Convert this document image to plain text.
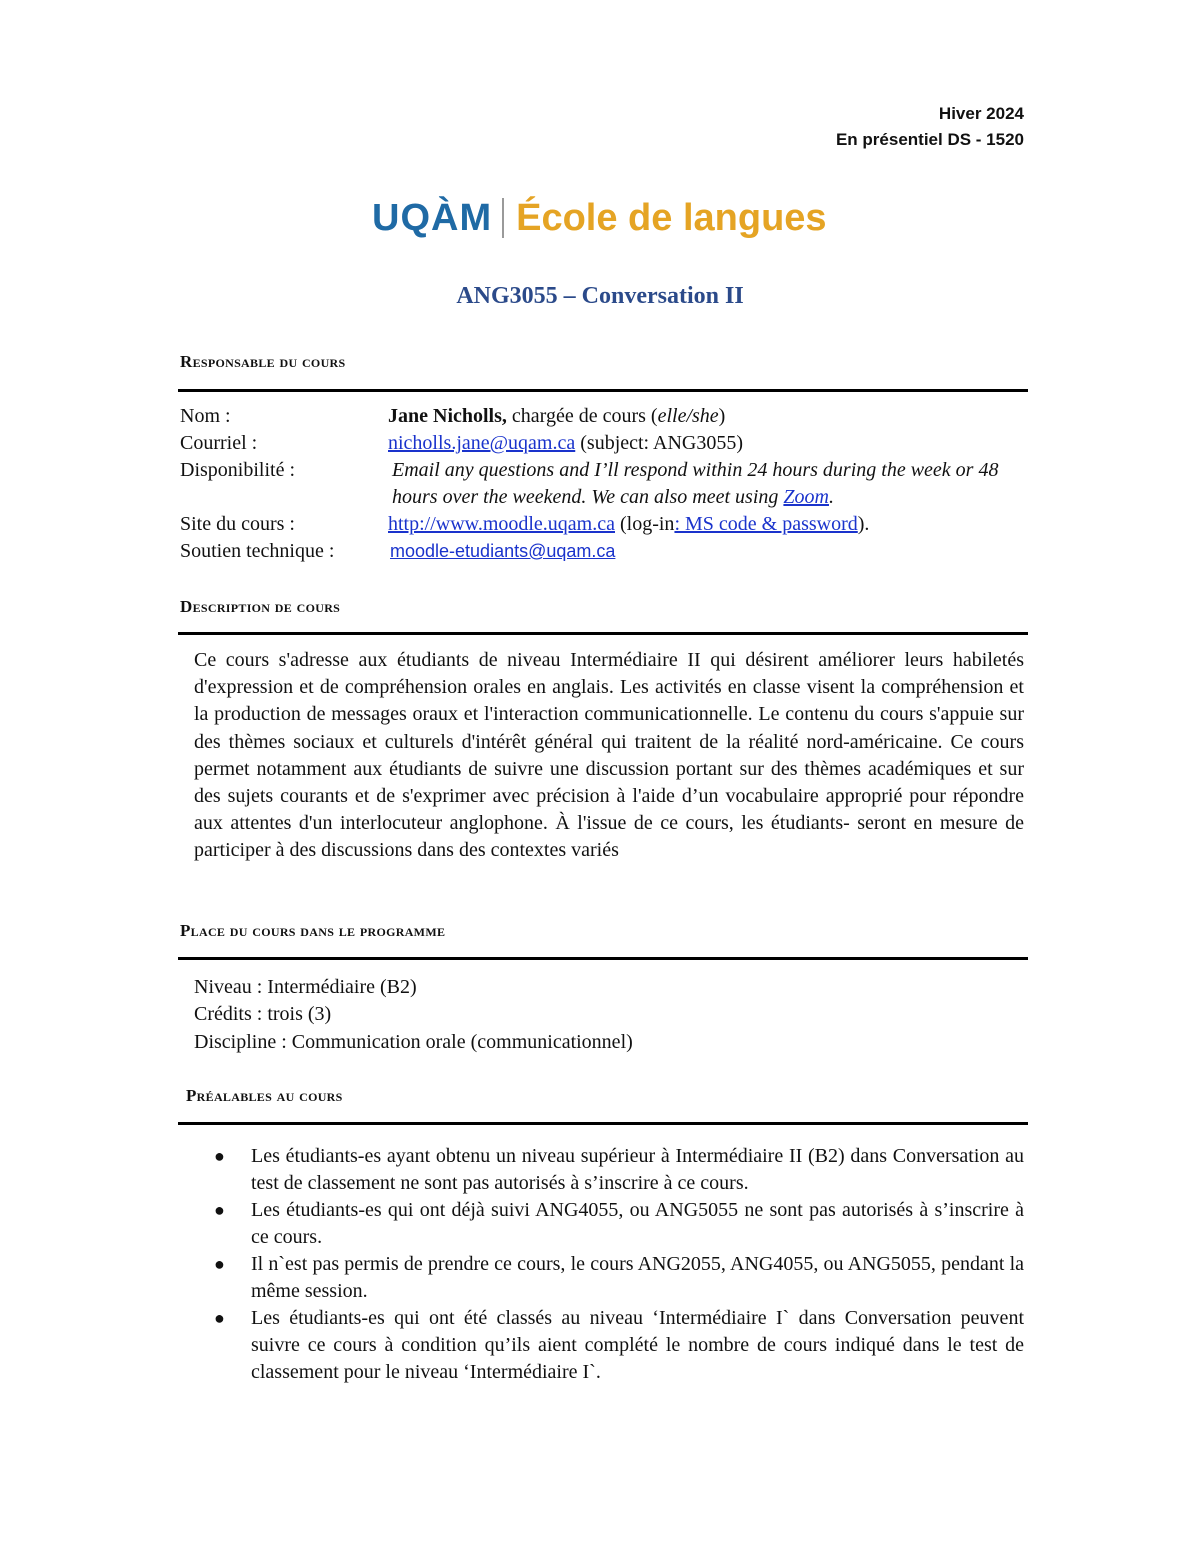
Hiver 2024
En présentiel DS - 1520
UQÀM École de langues
ANG3055 – Conversation II
Responsable du cours
Nom :	Jane Nicholls, chargée de cours (elle/she)
Courriel :	nicholls.jane@uqam.ca (subject: ANG3055)
Disponibilité :	Email any questions and I’ll respond within 24 hours during the week or 48 hours over the weekend. We can also meet using Zoom.
Site du cours :	http://www.moodle.uqam.ca (log-in: MS code & password).
Soutien technique :	moodle-etudiants@uqam.ca
Description de cours
Ce cours s'adresse aux étudiants de niveau Intermédiaire II qui désirent améliorer leurs habiletés d'expression et de compréhension orales en anglais. Les activités en classe visent la compréhension et la production de messages oraux et l'interaction communicationnelle. Le contenu du cours s'appuie sur des thèmes sociaux et culturels d'intérêt général qui traitent de la réalité nord-américaine. Ce cours permet notamment aux étudiants de suivre une discussion portant sur des thèmes académiques et sur des sujets courants et de s'exprimer avec précision à l'aide d’un vocabulaire approprié pour répondre aux attentes d'un interlocuteur anglophone. À l'issue de ce cours, les étudiants- seront en mesure de participer à des discussions dans des contextes variés
Place du cours dans le programme
Niveau : Intermédiaire (B2)
Crédits : trois (3)
Discipline : Communication orale (communicationnel)
Préalables au cours
● Les étudiants-es ayant obtenu un niveau supérieur à Intermédiaire II (B2) dans Conversation au test de classement ne sont pas autorisés à s’inscrire à ce cours.
● Les étudiants-es qui ont déjà suivi ANG4055, ou ANG5055 ne sont pas autorisés à s’inscrire à ce cours.
● Il n`est pas permis de prendre ce cours, le cours ANG2055, ANG4055, ou ANG5055, pendant la même session.
● Les étudiants-es qui ont été classés au niveau ‘Intermédiaire I` dans Conversation peuvent suivre ce cours à condition qu’ils aient complété le nombre de cours indiqué dans le test de classement pour le niveau ‘Intermédiaire I`.
